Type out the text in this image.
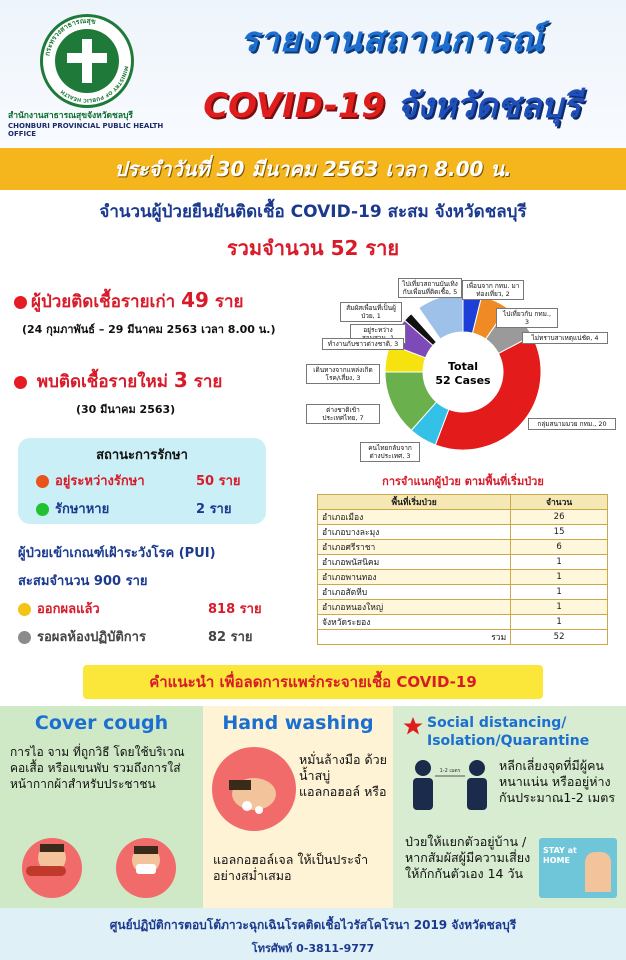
กระทรวงสาธารณสุข
MINISTRY OF PUBLIC HEALTH
สำนักงานสาธารณสุขจังหวัดชลบุรี
CHONBURI PROVINCIAL PUBLIC HEALTH OFFICE
รายงานสถานการณ์
COVID-19 จังหวัดชลบุรี
ประจำวันที่ 30 มีนาคม 2563 เวลา 8.00 น.
จำนวนผู้ป่วยยืนยันติดเชื้อ COVID-19 สะสม จังหวัดชลบุรี
รวมจำนวน 52 ราย
ผู้ป่วยติดเชื้อรายเก่า 49 ราย
(24 กุมภาพันธ์ – 29 มีนาคม 2563 เวลา 8.00 น.)
พบติดเชื้อรายใหม่ 3 ราย
(30 มีนาคม 2563)
สถานะการรักษา
อยู่ระหว่างรักษา	50 ราย
รักษาหาย	2 ราย
ผู้ป่วยเข้าเกณฑ์เฝ้าระวังโรค (PUI)
สะสมจำนวน 900 ราย
ออกผลแล้ว	818 ราย
รอผลห้องปฏิบัติการ	82 ราย
Total
52 Cases
ไปเที่ยวสถานบันเทิงกับเพื่อนที่ติดเชื้อ, 5
สัมผัสเพื่อนที่เป็นผู้ป่วย, 1
อยู่ระหว่าง
ทำงานกับชาวต่างชาติ, 3
เดินทางจากแหล่งเกิดโรค/เสี่ยง, 3
ต่างชาติเข้าประเทศไทย, 7
คนไทยกลับจากต่างประเทศ, 3
กลุ่มสนามมวย กทม., 20
เพื่อนจาก กทม. มาท่องเที่ยว, 2
ไปเที่ยวกับ กทม., 3
ไม่ทราบสาเหตุแน่ชัด, 4
การจำแนกผู้ป่วย ตามพื้นที่เริ่มป่วย
พื้นที่เริ่มป่วย	จำนวน
อำเภอเมือง	26
อำเภอบางละมุง	15
อำเภอศรีราชา	6
อำเภอพนัสนิคม	1
อำเภอพานทอง	1
อำเภอสัตหีบ	1
อำเภอหนองใหญ่	1
จังหวัดระยอง	1
รวม	52
คำแนะนำ เพื่อลดการแพร่กระจายเชื้อ COVID-19
Cover cough
การไอ จาม ที่ถูกวิธี โดยใช้บริเวณคอเสื้อ หรือแขนพับ รวมถึงการใส่หน้ากากผ้าสำหรับประชาชน
Hand washing
หมั่นล้างมือ ด้วยน้ำสบู่ แอลกอฮอล์ หรือ
แอลกอฮอล์เจล ให้เป็นประจำอย่างสม่ำเสมอ
Social distancing/
Isolation/Quarantine
1-2 เมตร	หลีกเลี่ยงจุดที่มีผู้คนหนาแน่น หรืออยู่ห่างกันประมาณ1-2 เมตร
ป่วยให้แยกตัวอยู่บ้าน /หากสัมผัสผู้มีความเสี่ยง ให้กักกันตัวเอง 14 วัน
STAY at HOME
ศูนย์ปฏิบัติการตอบโต้ภาวะฉุกเฉินโรคติดเชื้อไวรัสโคโรนา 2019 จังหวัดชลบุรี
โทรศัพท์ 0-3811-9777
